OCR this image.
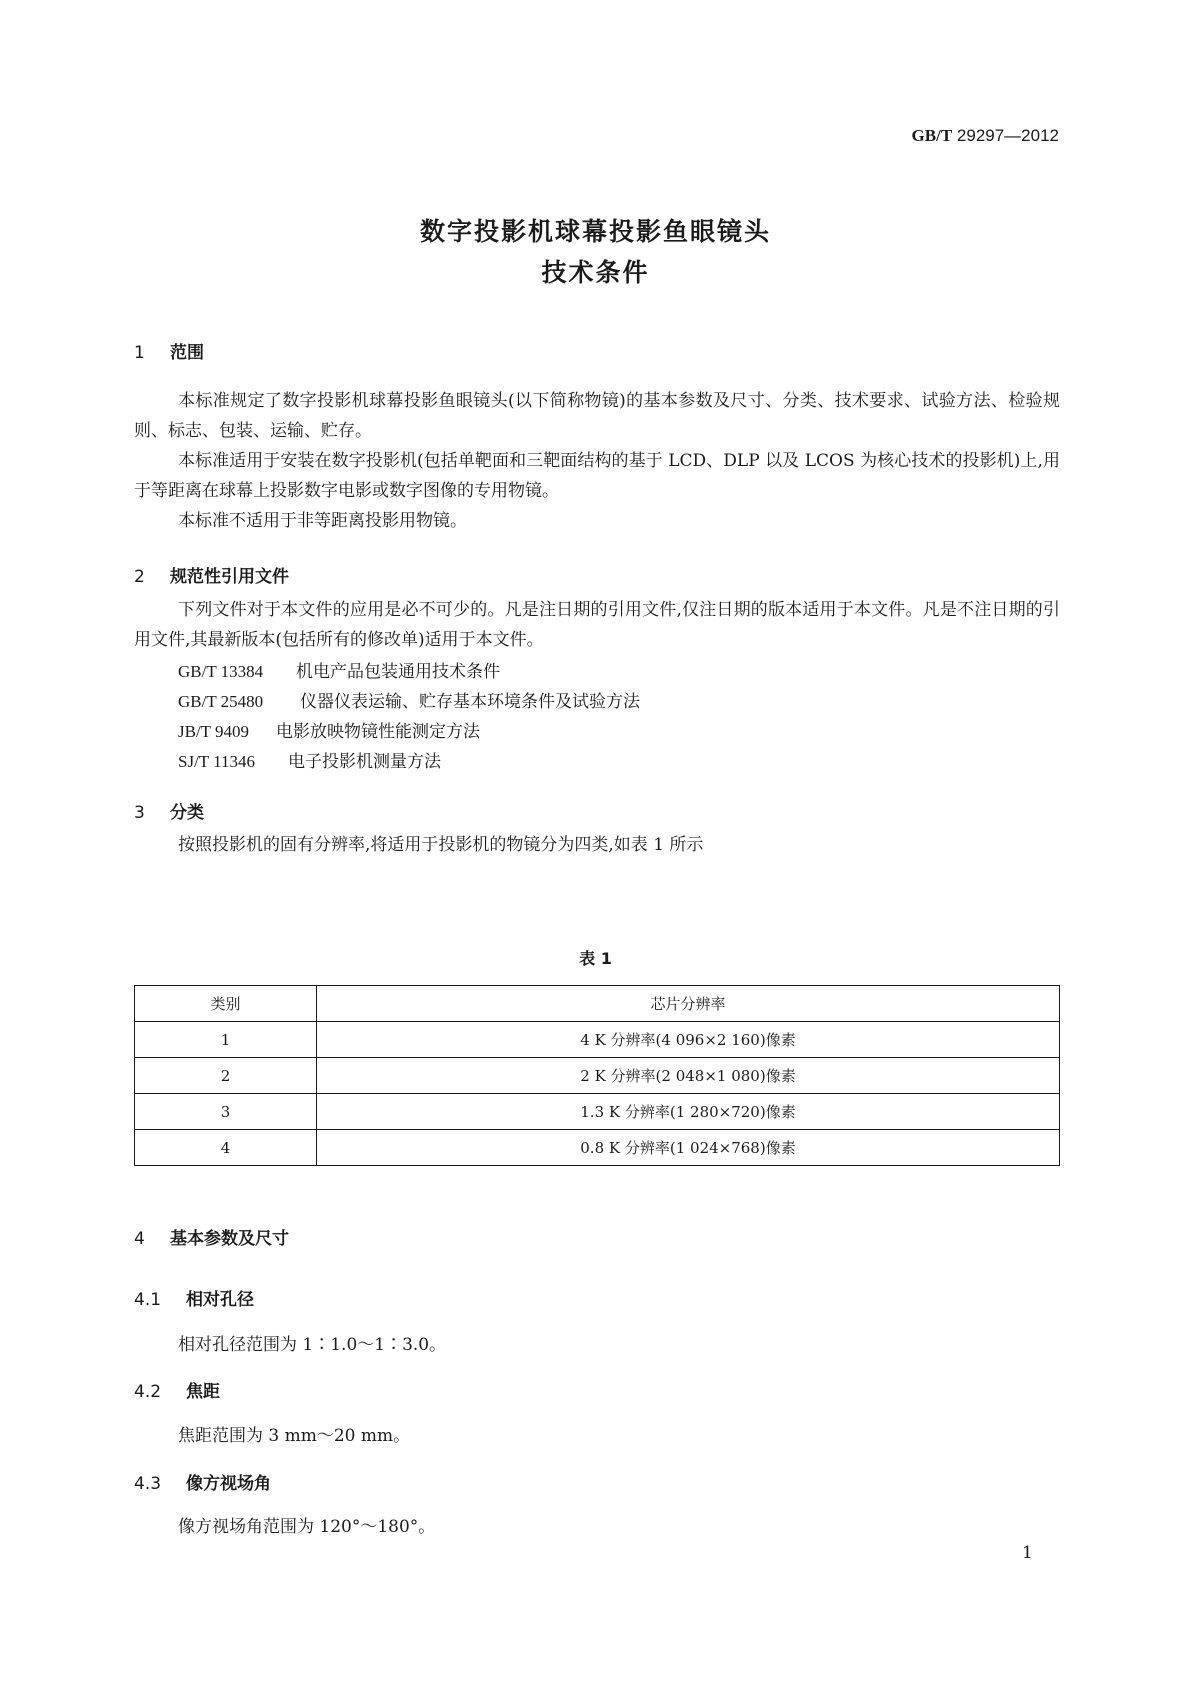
GB/T 29297—2012
数字投影机球幕投影鱼眼镜头
技术条件
1 范围
本标准规定了数字投影机球幕投影鱼眼镜头(以下简称物镜)的基本参数及尺寸、分类、技术要求、试验方法、检验规则、标志、包装、运输、贮存。
本标准适用于安装在数字投影机(包括单靶面和三靶面结构的基于 LCD、DLP 以及 LCOS 为核心技术的投影机)上,用于等距离在球幕上投影数字电影或数字图像的专用物镜。
本标准不适用于非等距离投影用物镜。
2 规范性引用文件
下列文件对于本文件的应用是必不可少的。凡是注日期的引用文件,仅注日期的版本适用于本文件。凡是不注日期的引用文件,其最新版本(包括所有的修改单)适用于本文件。
GB/T 13384 机电产品包装通用技术条件
GB/T 25480 仪器仪表运输、贮存基本环境条件及试验方法
JB/T 9409 电影放映物镜性能测定方法
SJ/T 11346 电子投影机测量方法
3 分类
按照投影机的固有分辨率,将适用于投影机的物镜分为四类,如表 1 所示
表 1
类别	芯片分辨率
1	4 K 分辨率(4 096×2 160)像素
2	2 K 分辨率(2 048×1 080)像素
3	1.3 K 分辨率(1 280×720)像素
4	0.8 K 分辨率(1 024×768)像素
4 基本参数及尺寸
4.1 相对孔径
相对孔径范围为 1∶1.0～1∶3.0。
4.2 焦距
焦距范围为 3 mm～20 mm。
4.3 像方视场角
像方视场角范围为 120°～180°。
1
